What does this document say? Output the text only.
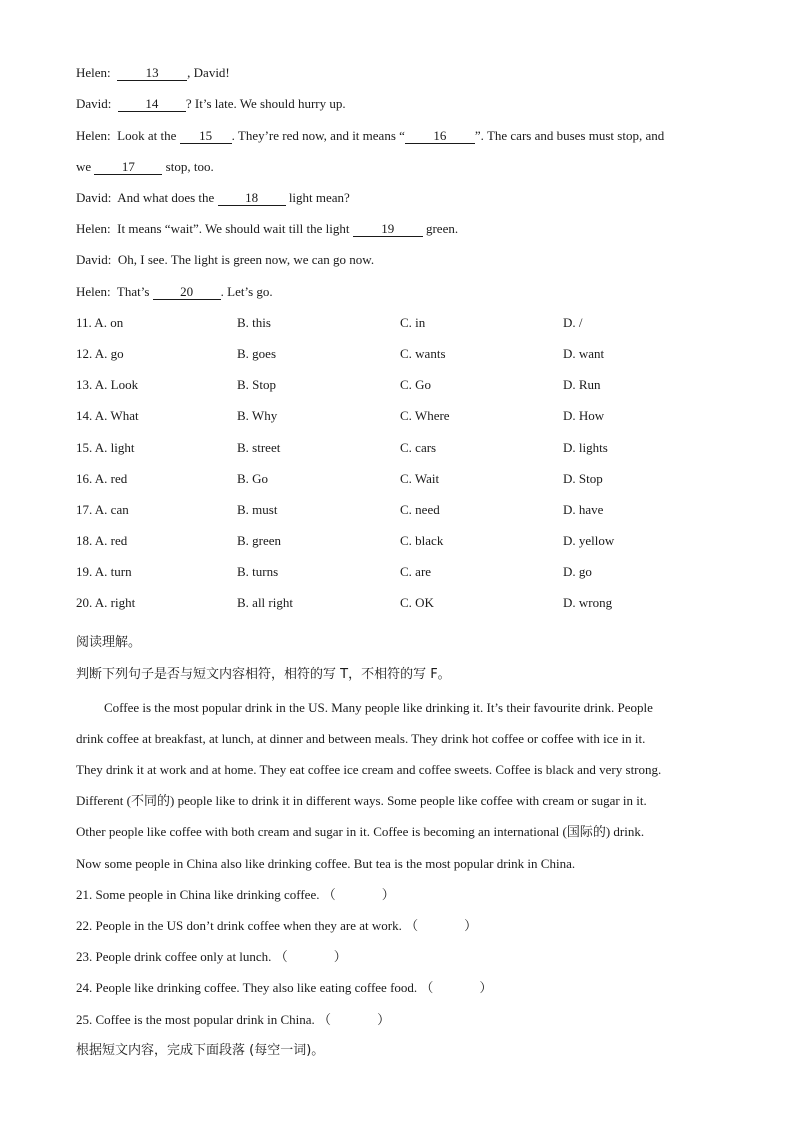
Helen:	13 , David!
David:	14 ? It’s late. We should hurry up.
Helen: Look at the 15 . They’re red now, and it means “ 16 ”. The cars and buses must stop, and
we 17 stop, too.
David: And what does the 18 light mean?
Helen: It means “wait”. We should wait till the light 19 green.
David: Oh, I see. The light is green now, we can go now.
Helen: That’s 20 . Let’s go.
11. A. on	B. this	C. in	D. /
12. A. go	B. goes	C. wants	D. want
13. A. Look	B. Stop	C. Go	D. Run
14. A. What	B. Why	C. Where	D. How
15. A. light	B. street	C. cars	D. lights
16. A. red	B. Go	C. Wait	D. Stop
17. A. can	B. must	C. need	D. have
18. A. red	B. green	C. black	D. yellow
19. A. turn	B. turns	C. are	D. go
20. A. right	B. all right	C. OK	D. wrong
阅读理解。
判断下列句子是否与短文内容相符，相符的写 T，不相符的写 F。
Coffee is the most popular drink in the US. Many people like drinking it. It’s their favourite drink. People
drink coffee at breakfast, at lunch, at dinner and between meals. They drink hot coffee or coffee with ice in it.
They drink it at work and at home. They eat coffee ice cream and coffee sweets. Coffee is black and very strong.
Different (不同的) people like to drink it in different ways. Some people like coffee with cream or sugar in it.
Other people like coffee with both cream and sugar in it. Coffee is becoming an international (国际的) drink.
Now some people in China also like drinking coffee. But tea is the most popular drink in China.
21. Some people in China like drinking coffee. （	）
22. People in the US don’t drink coffee when they are at work. （	）
23. People drink coffee only at lunch. （	）
24. People like drinking coffee. They also like eating coffee food. （	）
25. Coffee is the most popular drink in China. （	）
根据短文内容，完成下面段落 (每空一词)。
